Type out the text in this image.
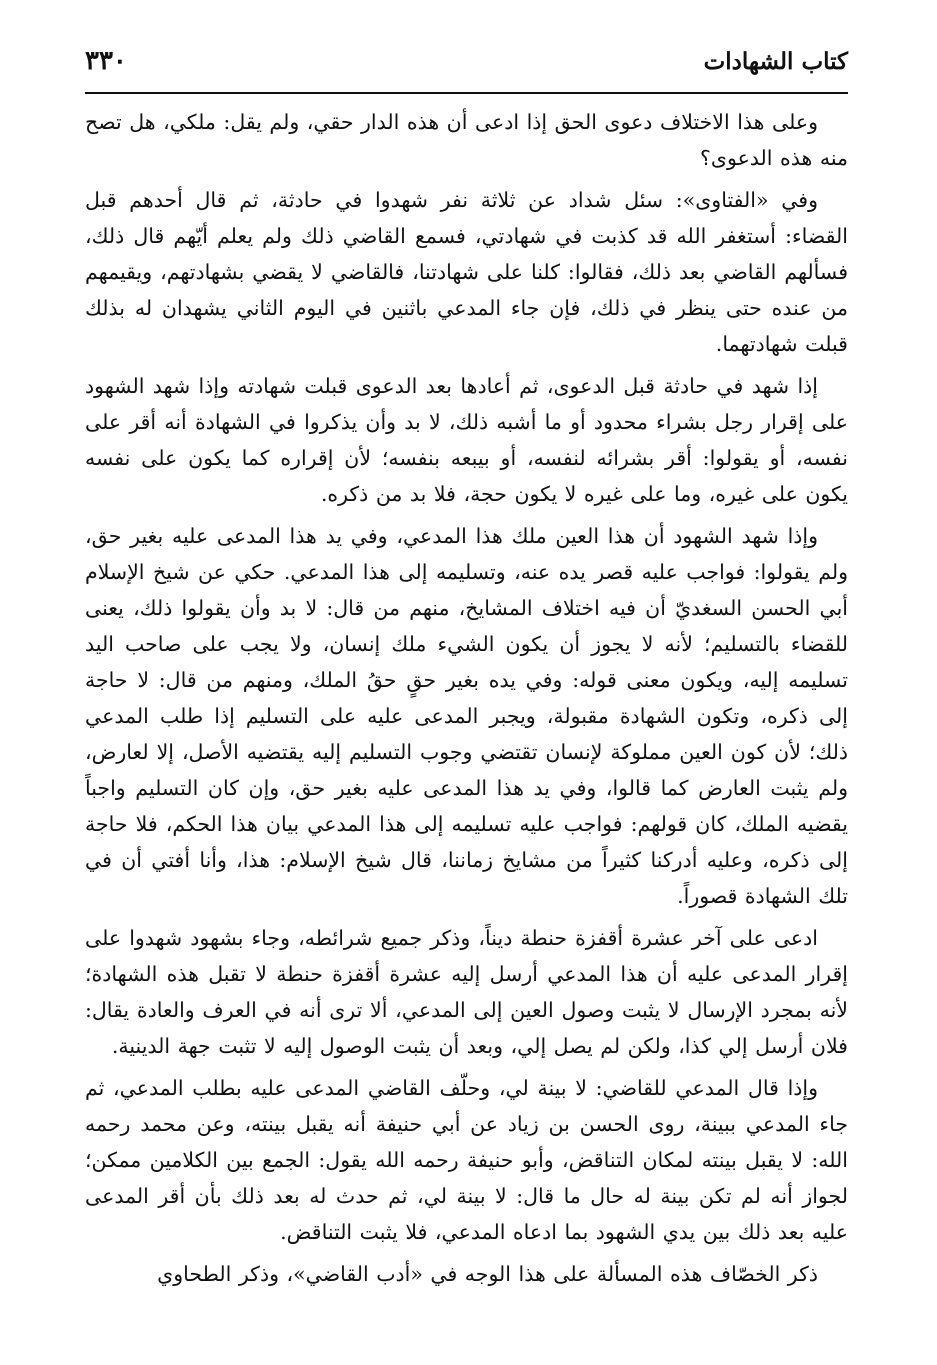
كتاب الشهادات
٣٣٠

وعلى هذا الاختلاف دعوى الحق إذا ادعى أن هذه الدار حقي، ولم يقل: ملكي، هل تصح منه هذه الدعوى؟

وفي «الفتاوى»: سئل شداد عن ثلاثة نفر شهدوا في حادثة، ثم قال أحدهم قبل القضاء: أستغفر الله قد كذبت في شهادتي، فسمع القاضي ذلك ولم يعلم أيّهم قال ذلك، فسألهم القاضي بعد ذلك، فقالوا: كلنا على شهادتنا، فالقاضي لا يقضي بشهادتهم، ويقيمهم من عنده حتى ينظر في ذلك، فإن جاء المدعي باثنين في اليوم الثاني يشهدان له بذلك قبلت شهادتهما.

إذا شهد في حادثة قبل الدعوى، ثم أعادها بعد الدعوى قبلت شهادته وإذا شهد الشهود على إقرار رجل بشراء محدود أو ما أشبه ذلك، لا بد وأن يذكروا في الشهادة أنه أقر على نفسه، أو يقولوا: أقر بشرائه لنفسه، أو بيبعه بنفسه؛ لأن إقراره كما يكون على نفسه يكون على غيره، وما على غيره لا يكون حجة، فلا بد من ذكره.

وإذا شهد الشهود أن هذا العين ملك هذا المدعي، وفي يد هذا المدعى عليه بغير حق، ولم يقولوا: فواجب عليه قصر يده عنه، وتسليمه إلى هذا المدعي. حكي عن شيخ الإسلام أبي الحسن السغديّ أن فيه اختلاف المشايخ، منهم من قال: لا بد وأن يقولوا ذلك، يعنى للقضاء بالتسليم؛ لأنه لا يجوز أن يكون الشيء ملك إنسان، ولا يجب على صاحب اليد تسليمه إليه، ويكون معنى قوله: وفي يده بغير حقٍ حقُ الملك، ومنهم من قال: لا حاجة إلى ذكره، وتكون الشهادة مقبولة، ويجبر المدعى عليه على التسليم إذا طلب المدعي ذلك؛ لأن كون العين مملوكة لإنسان تقتضي وجوب التسليم إليه يقتضيه الأصل، إلا لعارض، ولم يثبت العارض كما قالوا، وفي يد هذا المدعى عليه بغير حق، وإن كان التسليم واجباً يقضيه الملك، كان قولهم: فواجب عليه تسليمه إلى هذا المدعي بيان هذا الحكم، فلا حاجة إلى ذكره، وعليه أدركنا كثيراً من مشايخ زماننا، قال شيخ الإسلام: هذا، وأنا أفتي أن في تلك الشهادة قصوراً.

ادعى على آخر عشرة أقفزة حنطة ديناً، وذكر جميع شرائطه، وجاء بشهود شهدوا على إقرار المدعى عليه أن هذا المدعي أرسل إليه عشرة أقفزة حنطة لا تقبل هذه الشهادة؛ لأنه بمجرد الإرسال لا يثبت وصول العين إلى المدعي، ألا ترى أنه في العرف والعادة يقال: فلان أرسل إلي كذا، ولكن لم يصل إلي، وبعد أن يثبت الوصول إليه لا تثبت جهة الدينية.

وإذا قال المدعي للقاضي: لا بينة لي، وحلّف القاضي المدعى عليه بطلب المدعي، ثم جاء المدعي ببينة، روى الحسن بن زياد عن أبي حنيفة أنه يقبل بينته، وعن محمد رحمه الله: لا يقبل بينته لمكان التناقض، وأبو حنيفة رحمه الله يقول: الجمع بين الكلامين ممكن؛ لجواز أنه لم تكن بينة له حال ما قال: لا بينة لي، ثم حدث له بعد ذلك بأن أقر المدعى عليه بعد ذلك بين يدي الشهود بما ادعاه المدعي، فلا يثبت التناقض.

ذكر الخصّاف هذه المسألة على هذا الوجه في «أدب القاضي»، وذكر الطحاوي
